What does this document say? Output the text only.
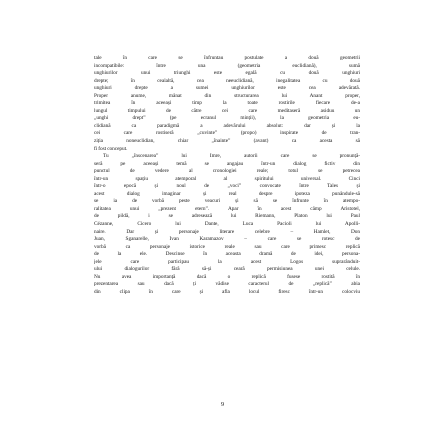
tale în care se înfruntau postulate a două geometrii
incompatibile: între una (geometria euclidiană), sumă
unghiurilor unui triunghi este egală cu două unghiuri
drepte; în cealaltă, cea neeuclidiană, inegalitatea cu două
unghiuri drepte a sumei unghiurilor este cea adevărată.
Proper anume, mânat din structurarea lui Anant proper,
trimitea în aceeași timp la toate rostirile fiecare de-a
lungul timpului de către cei care meditaseră asiduu un
„unghi drept” (pe ecranul minții), la geometria eu-
clidiană ca paradigmă a adevărului absolut: dar și la
cei care rostiseră „cuvinte” (propo) inspirate de tran-
ziția noneuclidian, chiar „înainte” (avant) ca acesta să
fi fost conceput.

Tu „înscenarea” lui Imre, autorii care se pronunță-
seră pe aceeași temă se angajau într-un dialog fictiv din
punctul de vedere al cronologiei reale; totul se petrecea
într-un spațiu atemporal al spiritului universal. Cinci
într-o epocă și noul de „voci” convocate între Tales și
acest dialog imaginar și real despre ipoteza punândule-să
se ia de vorbă peste veacuri și să se înfrunte în atempo-
ralitatea unui „prezent etern”. Apar în acest câmp Aristotel,
de pildă, i se adresează lui Riemann, Platon lui Paul
Cézanne, Cicero lui Dante, Luca Pacioli lui Apolli-
naire. Dar și personaje literare celebre – Hamlet, Don
Juan, Sganarelle, Ivan Karamazov – care se rotesc de
vorbă ca personaje istorice reale sau care primesc replică
de la ele. Descinse în aceasta dramă de idei, persona-
jele care participau la acest Logos suprarânduit-
ului dialogurilor fără să-și ceară permisiunea unei celule.
Nu avea importanță dacă o replică fusese rostită în
prezentarea sau dacă ți vădise caracterul de „replică” abia
din clipa în care și afla locul firesc într-un colocviu

9
